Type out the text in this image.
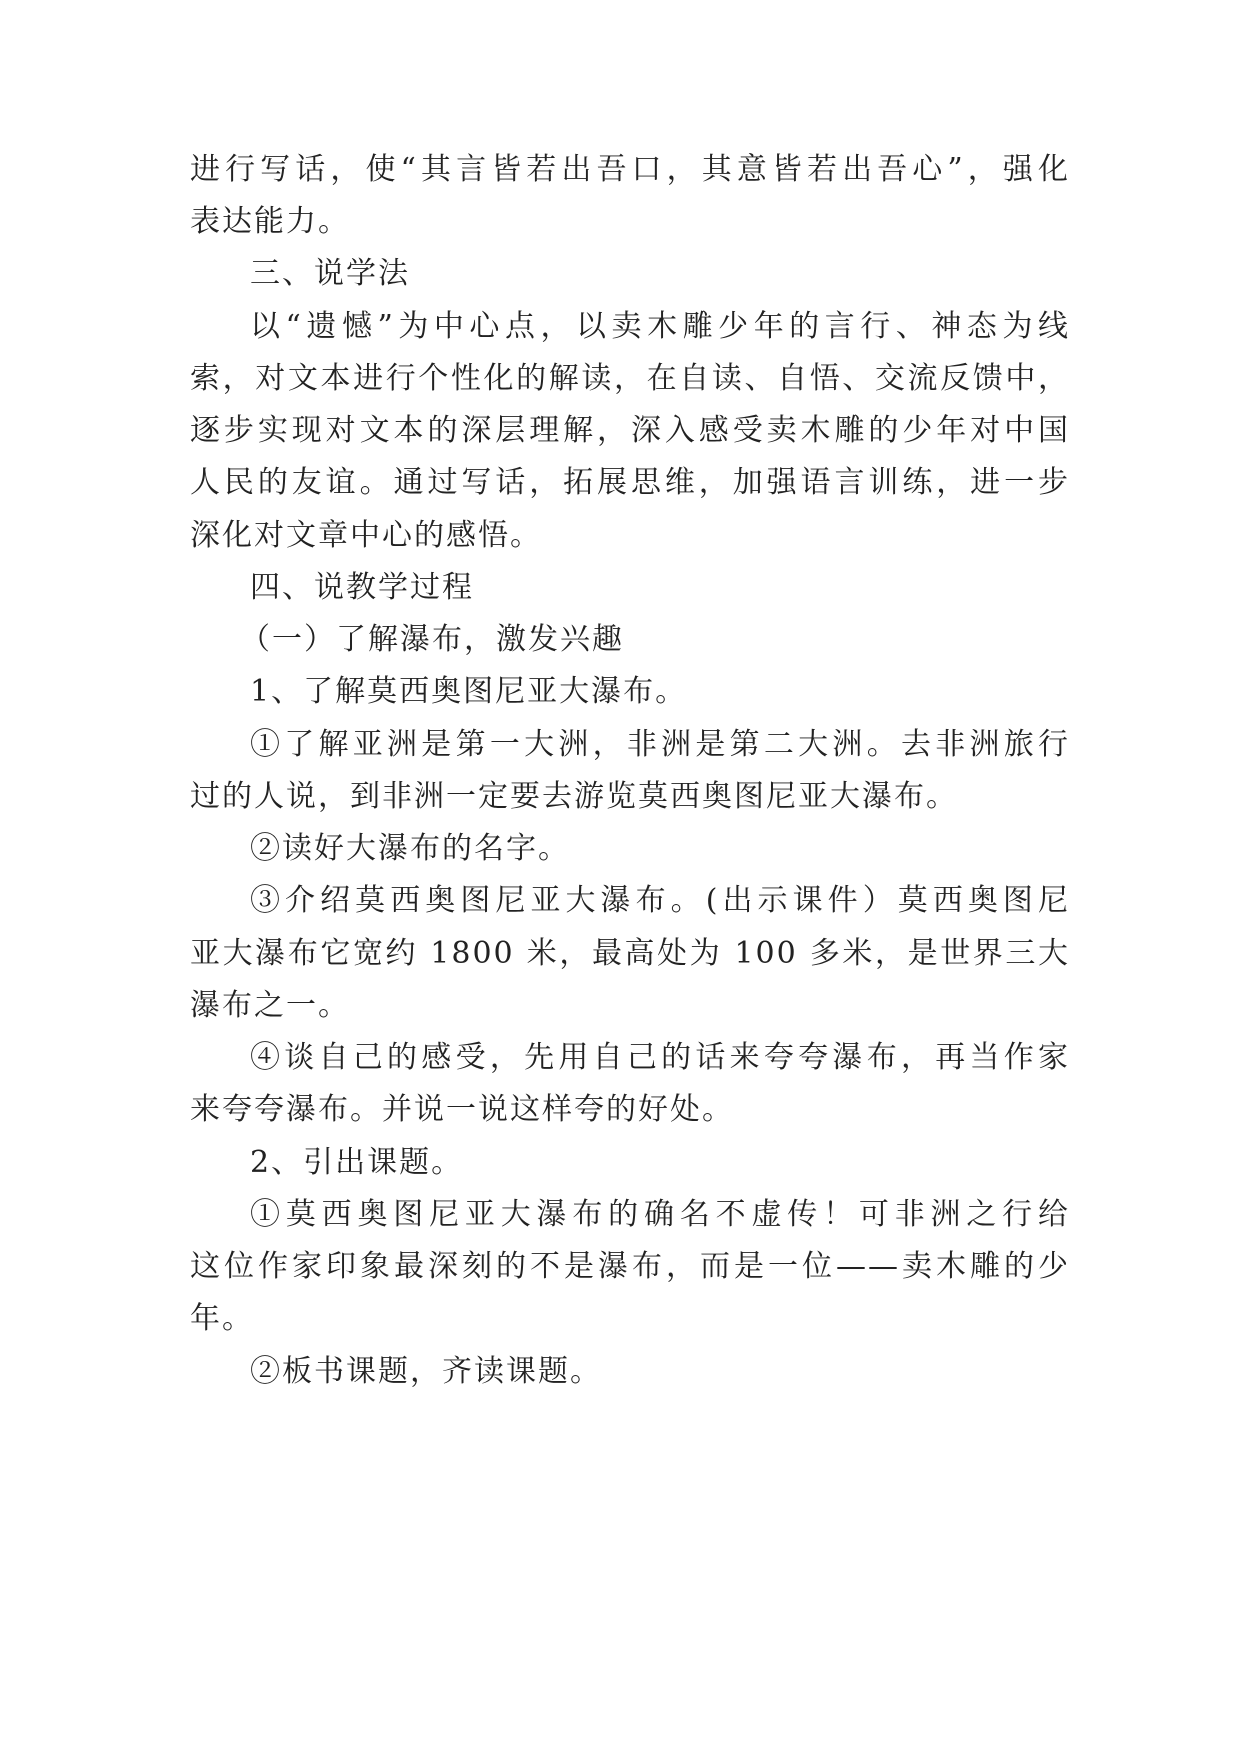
进行写话，使“其言皆若出吾口，其意皆若出吾心”，强化
表达能力。
三、说学法
以“遗憾”为中心点，以卖木雕少年的言行、神态为线
索，对文本进行个性化的解读，在自读、自悟、交流反馈中，
逐步实现对文本的深层理解，深入感受卖木雕的少年对中国
人民的友谊。通过写话，拓展思维，加强语言训练，进一步
深化对文章中心的感悟。
四、说教学过程
（一）了解瀑布，激发兴趣
1、了解莫西奥图尼亚大瀑布。
①了解亚洲是第一大洲，非洲是第二大洲。去非洲旅行
过的人说，到非洲一定要去游览莫西奥图尼亚大瀑布。
②读好大瀑布的名字。
③介绍莫西奥图尼亚大瀑布。(出示课件）莫西奥图尼
亚大瀑布它宽约 1800 米，最高处为 100 多米，是世界三大
瀑布之一。
④谈自己的感受，先用自己的话来夸夸瀑布，再当作家
来夸夸瀑布。并说一说这样夸的好处。
2、引出课题。
①莫西奥图尼亚大瀑布的确名不虚传！可非洲之行给
这位作家印象最深刻的不是瀑布，而是一位——卖木雕的少
年。
②板书课题，齐读课题。
